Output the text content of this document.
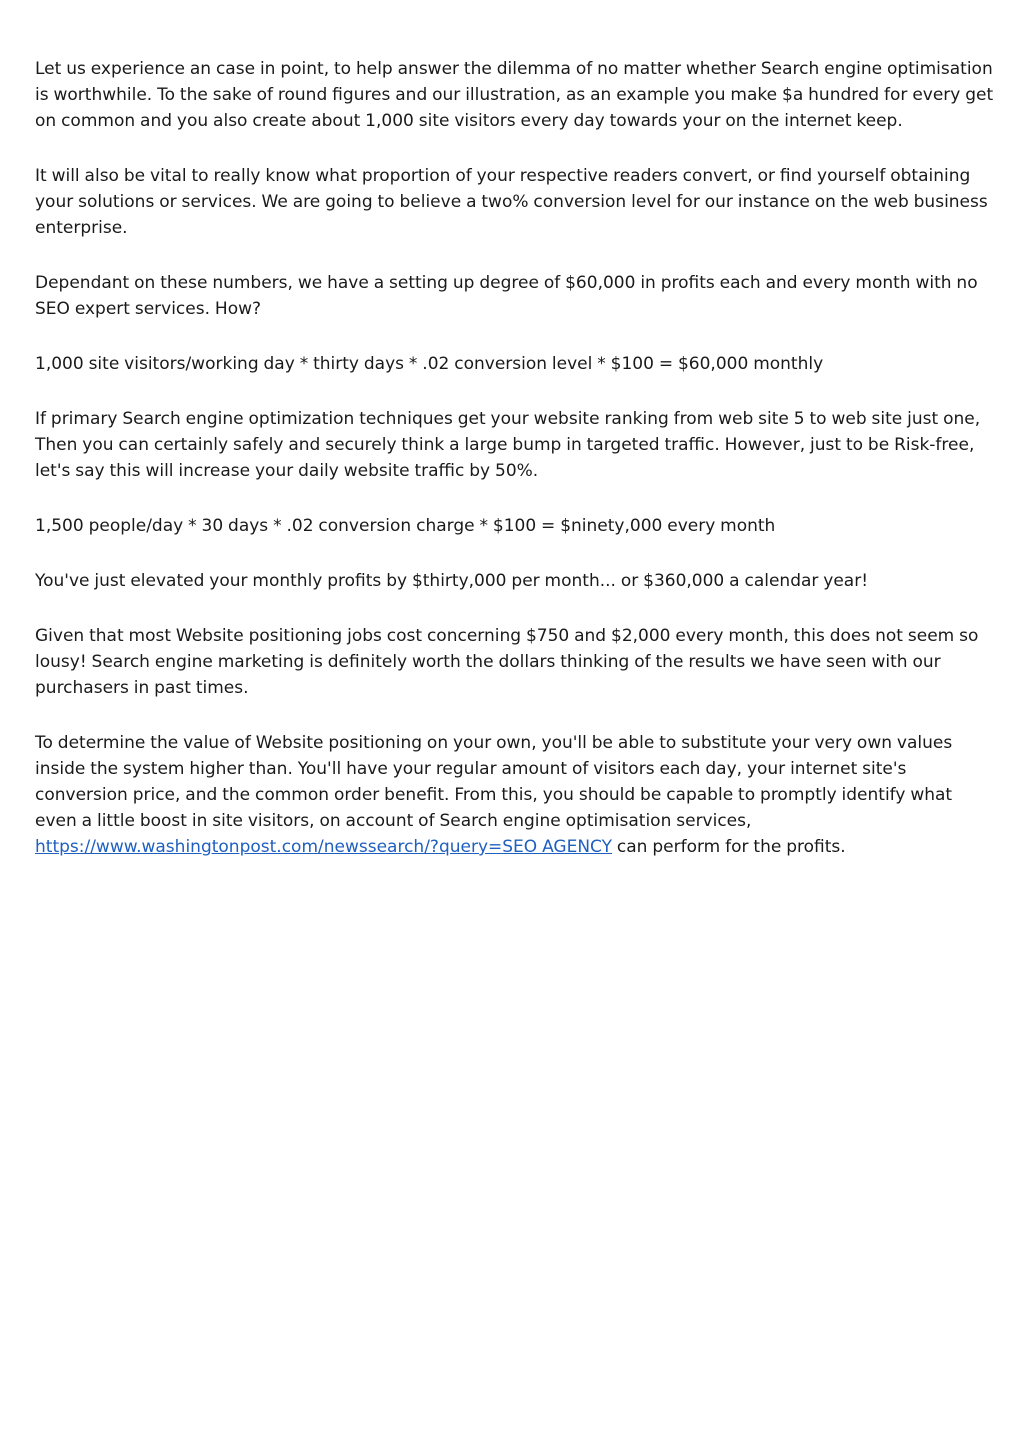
Let us experience an case in point, to help answer the dilemma of no matter whether Search engine optimisation is worthwhile. To the sake of round figures and our illustration, as an example you make $a hundred for every get on common and you also create about 1,000 site visitors every day towards your on the internet keep.

It will also be vital to really know what proportion of your respective readers convert, or find yourself obtaining your solutions or services. We are going to believe a two% conversion level for our instance on the web business enterprise.

Dependant on these numbers, we have a setting up degree of $60,000 in profits each and every month with no SEO expert services. How?

1,000 site visitors/working day * thirty days * .02 conversion level * $100 = $60,000 monthly

If primary Search engine optimization techniques get your website ranking from web site 5 to web site just one, Then you can certainly safely and securely think a large bump in targeted traffic. However, just to be Risk-free, let's say this will increase your daily website traffic by 50%.

1,500 people/day * 30 days * .02 conversion charge * $100 = $ninety,000 every month

You've just elevated your monthly profits by $thirty,000 per month... or $360,000 a calendar year!

Given that most Website positioning jobs cost concerning $750 and $2,000 every month, this does not seem so lousy! Search engine marketing is definitely worth the dollars thinking of the results we have seen with our purchasers in past times.

To determine the value of Website positioning on your own, you'll be able to substitute your very own values inside the system higher than. You'll have your regular amount of visitors each day, your internet site's conversion price, and the common order benefit. From this, you should be capable to promptly identify what even a little boost in site visitors, on account of Search engine optimisation services, https://www.washingtonpost.com/newssearch/?query=SEO AGENCY can perform for the profits.
